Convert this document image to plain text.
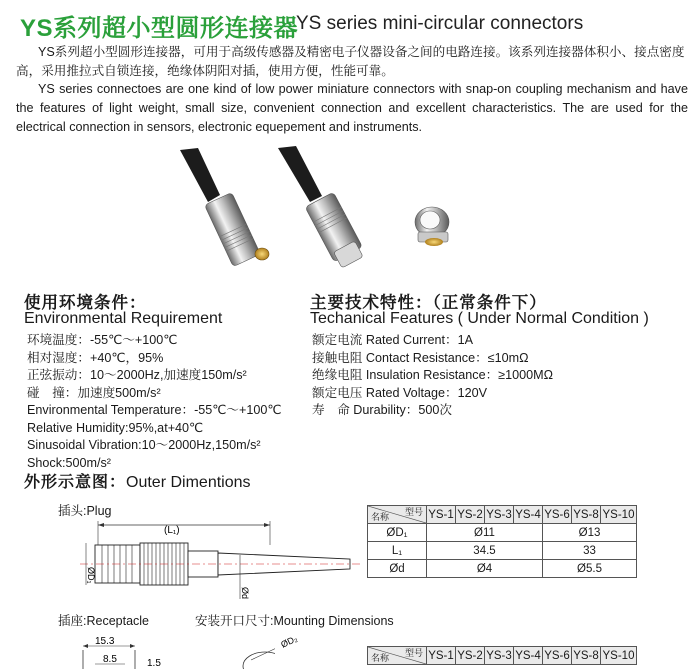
YS系列超小型圆形连接器
YS series mini-circular connectors
YS系列超小型圆形连接器，可用于高级传感器及精密电子仪器设备之间的电路连接。该系列连接器体积小、接点密度高，采用推拉式自锁连接，绝缘体阴阳对插，使用方便，性能可靠。
YS series connectoes are one kind of low power miniature connectors with snap-on coupling mechanism and have the features of light weight, small size, convenient connection and excellent characteristics. The are used for the electrical connection in sensors, electronic equepement and instruments.
使用环境条件：
Environmental Requirement
环境温度：-55℃～+100℃
相对湿度：+40℃，95%
正弦振动：10～2000Hz,加速度150m/s²
碰　撞：加速度500m/s²
Environmental Temperature：-55℃～+100℃
Relative Humidity:95%,at+40℃
Sinusoidal Vibration:10～2000Hz,150m/s²
Shock:500m/s²
主要技术特性：（正常条件下）
Techanical Features ( Under Normal Condition )
额定电流 Rated Current：1A
接触电阻 Contact Resistance：≤10mΩ
绝缘电阻 Insulation Resistance：≥1000MΩ
额定电压 Rated Voltage：120V
寿　命 Durability：500次
外形示意图：Outer Dimentions
插头:Plug
(L₁)
ØD₁
Ød
型号
名称	YS-1	YS-2	YS-3	YS-4	YS-6	YS-8	YS-10
ØD₁	Ø11				Ø13		
L₁	34.5				33		
Ød	Ø4				Ø5.5		
插座:Receptacle	安装开口尺寸:Mounting Dimensions
15.3
8.5	1.5
ØD₂
型号
名称	YS-1	YS-2	YS-3	YS-4	YS-6	YS-8	YS-10
